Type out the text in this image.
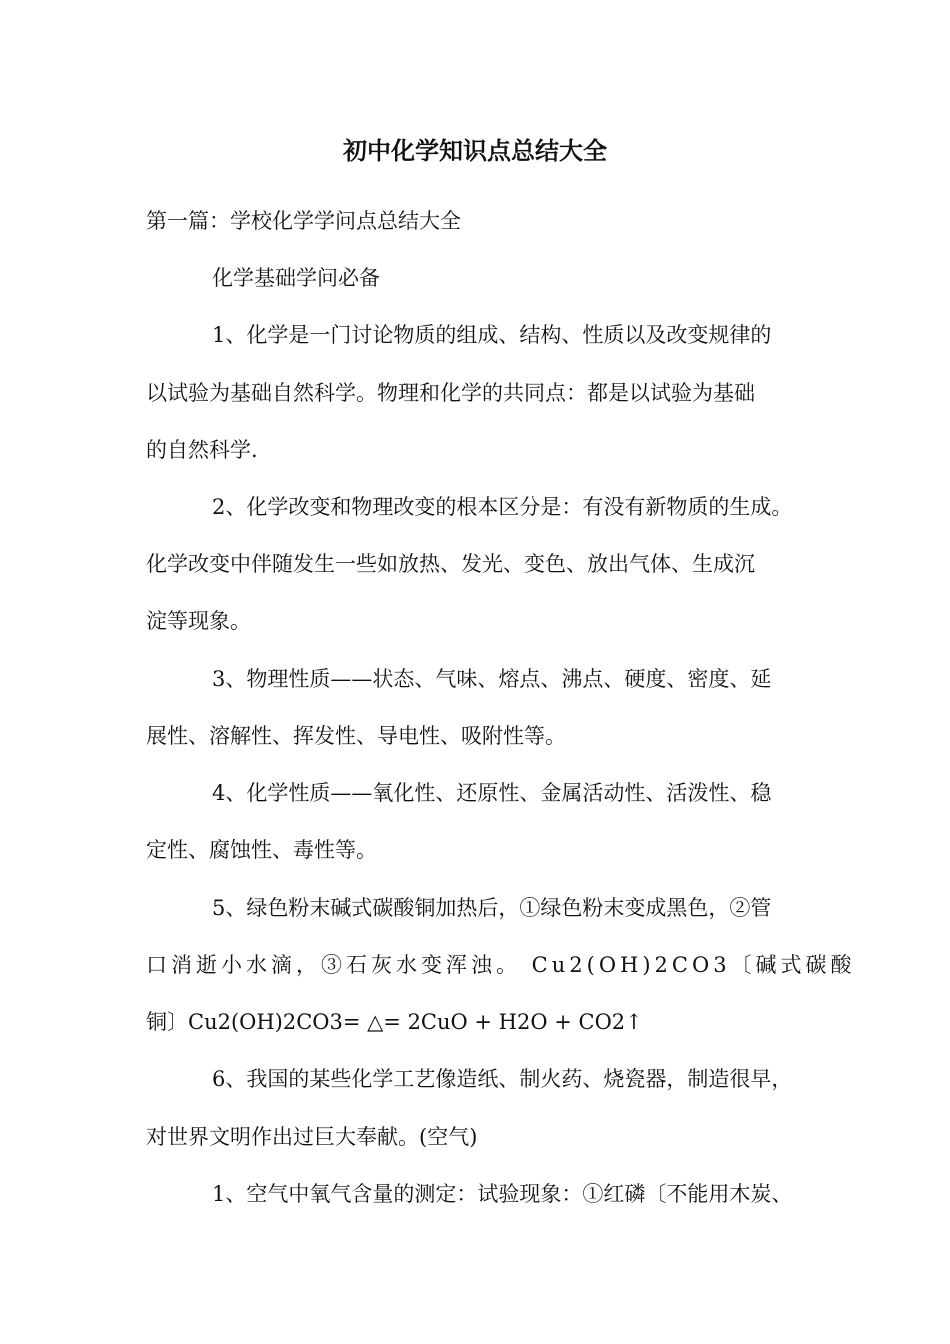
初中化学知识点总结大全

第一篇：学校化学学问点总结大全

化学基础学问必备

1、化学是一门讨论物质的组成、结构、性质以及改变规律的

以试验为基础自然科学。物理和化学的共同点：都是以试验为基础

的自然科学.

2、化学改变和物理改变的根本区分是：有没有新物质的生成。

化学改变中伴随发生一些如放热、发光、变色、放出气体、生成沉

淀等现象。

3、物理性质——状态、气味、熔点、沸点、硬度、密度、延

展性、溶解性、挥发性、导电性、吸附性等。

4、化学性质——氧化性、还原性、金属活动性、活泼性、稳

定性、腐蚀性、毒性等。

5、绿色粉末碱式碳酸铜加热后，①绿色粉末变成黑色，②管

口消逝小水滴，③石灰水变浑浊。 Cu2(OH)2CO3〔碱式碳酸

铜〕Cu2(OH)2CO3= △= 2CuO + H2O + CO2↑

6、我国的某些化学工艺像造纸、制火药、烧瓷器，制造很早，

对世界文明作出过巨大奉献。(空气)

1、空气中氧气含量的测定：试验现象：①红磷〔不能用木炭、
